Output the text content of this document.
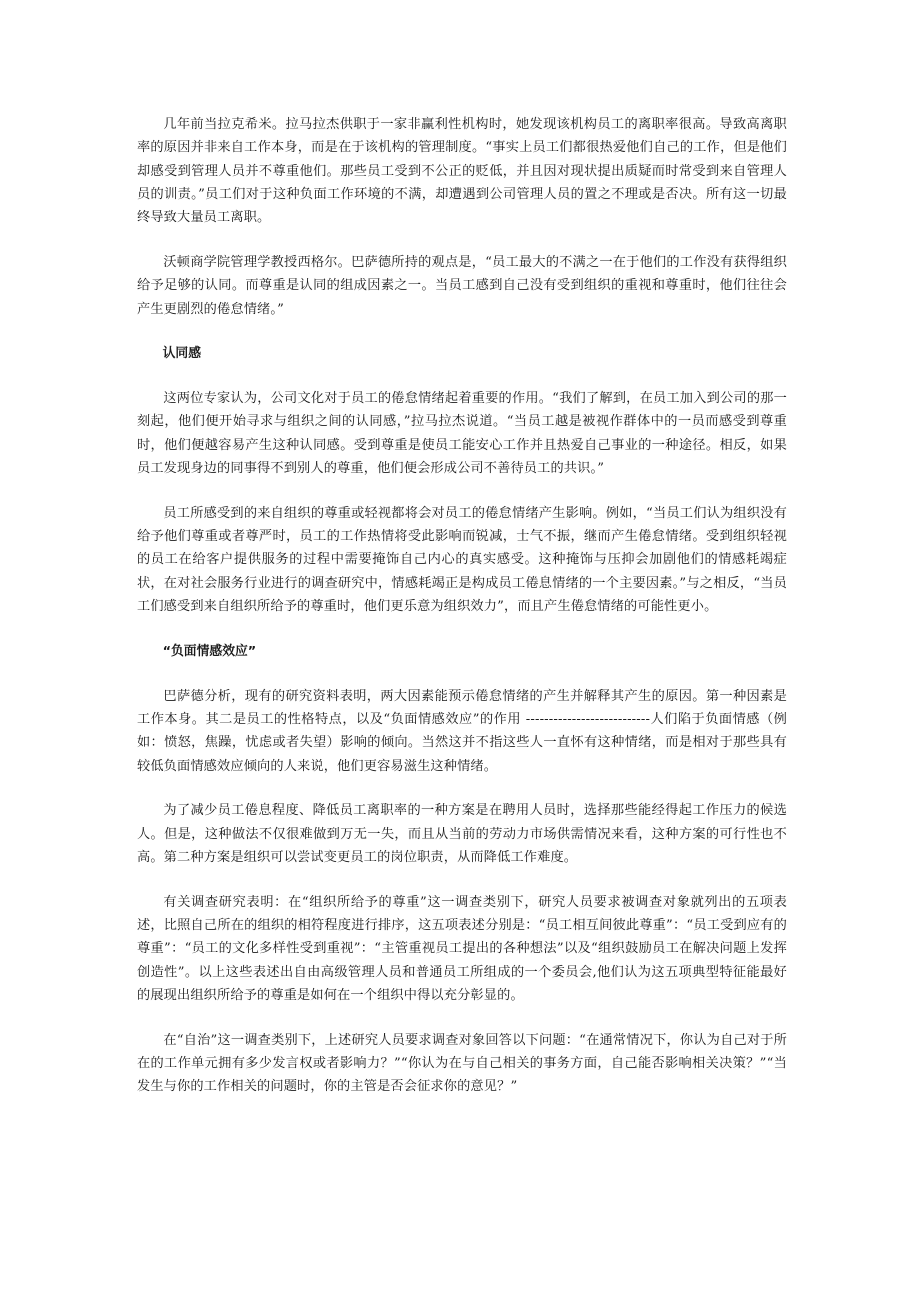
几年前当拉克希米。拉马拉杰供职于一家非赢利性机构时，她发现该机构员工的离职率很高。导致高离职率的原因并非来自工作本身，而是在于该机构的管理制度。“事实上员工们都很热爱他们自己的工作，但是他们却感受到管理人员并不尊重他们。那些员工受到不公正的贬低，并且因对现状提出质疑而时常受到来自管理人员的训责。”员工们对于这种负面工作环境的不满，却遭遇到公司管理人员的置之不理或是否决。所有这一切最终导致大量员工离职。

沃顿商学院管理学教授西格尔。巴萨德所持的观点是，“员工最大的不满之一在于他们的工作没有获得组织给予足够的认同。而尊重是认同的组成因素之一。当员工感到自己没有受到组织的重视和尊重时，他们往往会产生更剧烈的倦怠情绪。”

认同感

这两位专家认为，公司文化对于员工的倦怠情绪起着重要的作用。“我们了解到，在员工加入到公司的那一刻起，他们便开始寻求与组织之间的认同感，”拉马拉杰说道。“当员工越是被视作群体中的一员而感受到尊重时，他们便越容易产生这种认同感。受到尊重是使员工能安心工作并且热爱自己事业的一种途径。相反，如果员工发现身边的同事得不到别人的尊重，他们便会形成公司不善待员工的共识。”

员工所感受到的来自组织的尊重或轻视都将会对员工的倦怠情绪产生影响。例如，“当员工们认为组织没有给予他们尊重或者尊严时，员工的工作热情将受此影响而锐减，士气不振，继而产生倦怠情绪。受到组织轻视的员工在给客户提供服务的过程中需要掩饰自己内心的真实感受。这种掩饰与压抑会加剧他们的情感耗竭症状，在对社会服务行业进行的调查研究中，情感耗竭正是构成员工倦息情绪的一个主要因素。”与之相反，“当员工们感受到来自组织所给予的尊重时，他们更乐意为组织效力”，而且产生倦怠情绪的可能性更小。

“负面情感效应”

巴萨德分析，现有的研究资料表明，两大因素能预示倦怠情绪的产生并解释其产生的原因。第一种因素是工作本身。其二是员工的性格特点，以及“负面情感效应”的作用 ---------------------------人们陷于负面情感（例如：愤怒，焦躁，忧虑或者失望）影响的倾向。当然这并不指这些人一直怀有这种情绪，而是相对于那些具有较低负面情感效应倾向的人来说，他们更容易滋生这种情绪。

为了减少员工倦息程度、降低员工离职率的一种方案是在聘用人员时，选择那些能经得起工作压力的候选人。但是，这种做法不仅很难做到万无一失，而且从当前的劳动力市场供需情况来看，这种方案的可行性也不高。第二种方案是组织可以尝试变更员工的岗位职责，从而降低工作难度。

有关调查研究表明：在“组织所给予的尊重”这一调查类别下，研究人员要求被调查对象就列出的五项表述，比照自己所在的组织的相符程度进行排序，这五项表述分别是：“员工相互间彼此尊重”：“员工受到应有的尊重”：“员工的文化多样性受到重视”：“主管重视员工提出的各种想法”以及“组织鼓励员工在解决问题上发挥创造性”。以上这些表述出自由高级管理人员和普通员工所组成的一个委员会,他们认为这五项典型特征能最好的展现出组织所给予的尊重是如何在一个组织中得以充分彰显的。

在“自治”这一调查类别下，上述研究人员要求调查对象回答以下问题：“在通常情况下，你认为自己对于所在的工作单元拥有多少发言权或者影响力？”“你认为在与自己相关的事务方面，自己能否影响相关决策？”“当发生与你的工作相关的问题时，你的主管是否会征求你的意见？”
